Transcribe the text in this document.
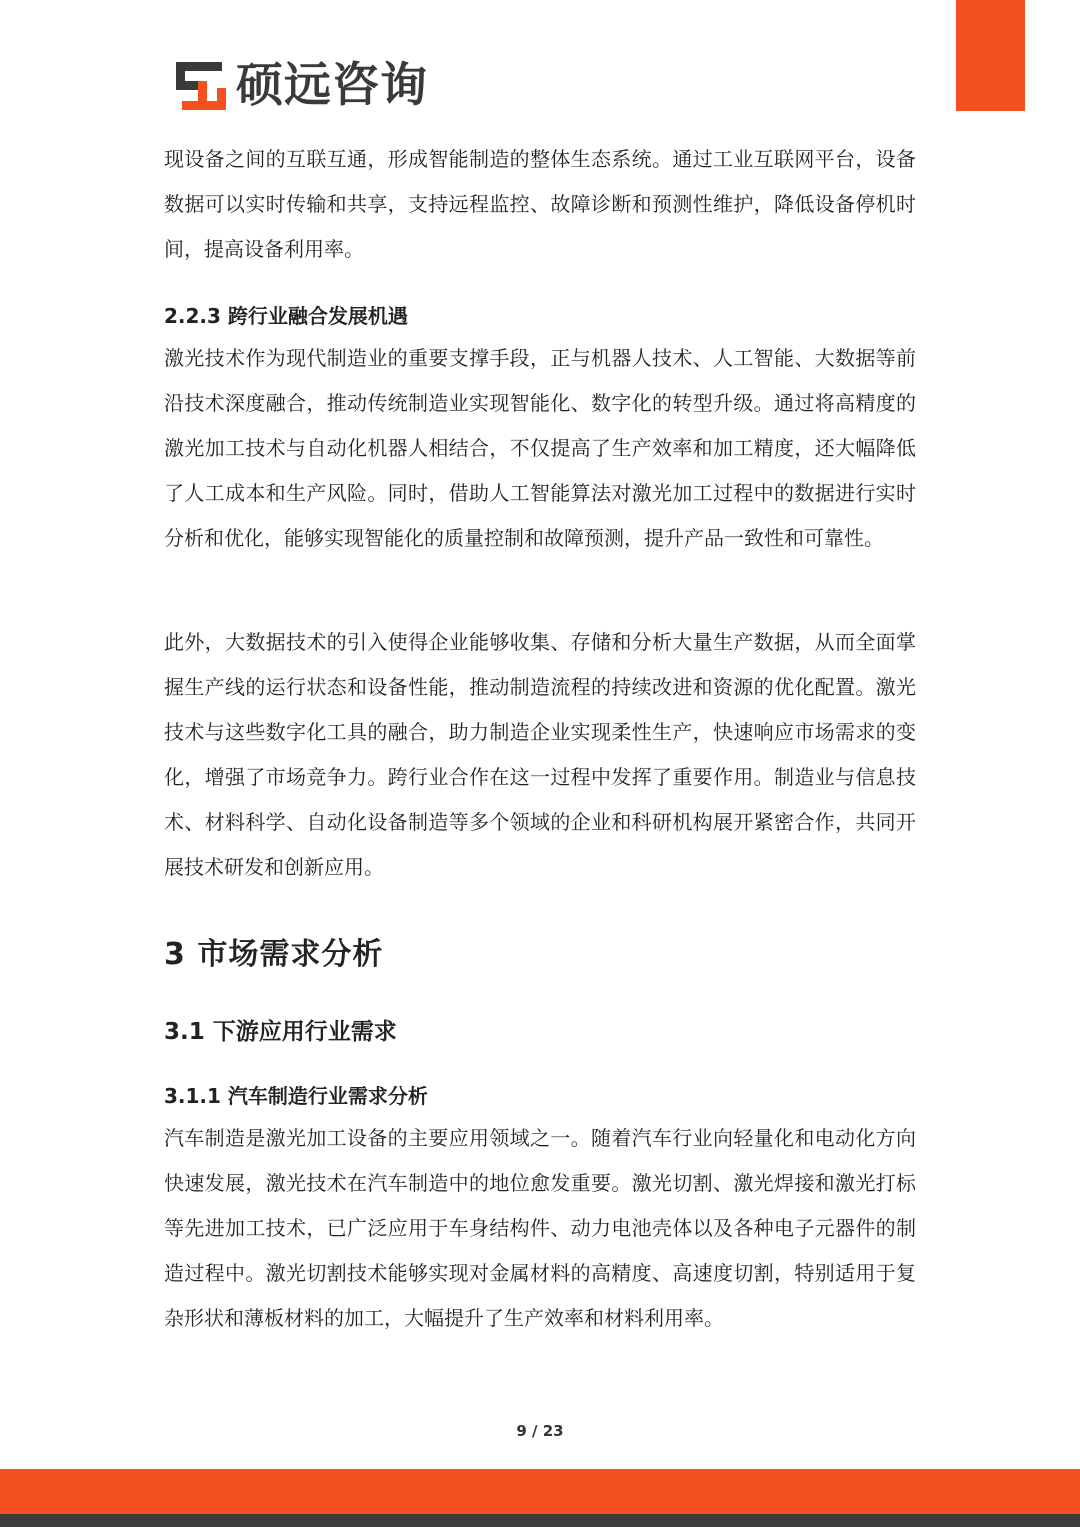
硕远咨询

现设备之间的互联互通，形成智能制造的整体生态系统。通过工业互联网平台，设备数据可以实时传输和共享，支持远程监控、故障诊断和预测性维护，降低设备停机时间，提高设备利用率。

2.2.3 跨行业融合发展机遇

激光技术作为现代制造业的重要支撑手段，正与机器人技术、人工智能、大数据等前沿技术深度融合，推动传统制造业实现智能化、数字化的转型升级。通过将高精度的激光加工技术与自动化机器人相结合，不仅提高了生产效率和加工精度，还大幅降低了人工成本和生产风险。同时，借助人工智能算法对激光加工过程中的数据进行实时分析和优化，能够实现智能化的质量控制和故障预测，提升产品一致性和可靠性。

此外，大数据技术的引入使得企业能够收集、存储和分析大量生产数据，从而全面掌握生产线的运行状态和设备性能，推动制造流程的持续改进和资源的优化配置。激光技术与这些数字化工具的融合，助力制造企业实现柔性生产，快速响应市场需求的变化，增强了市场竞争力。跨行业合作在这一过程中发挥了重要作用。制造业与信息技术、材料科学、自动化设备制造等多个领域的企业和科研机构展开紧密合作，共同开展技术研发和创新应用。

3 市场需求分析

3.1 下游应用行业需求

3.1.1 汽车制造行业需求分析

汽车制造是激光加工设备的主要应用领域之一。随着汽车行业向轻量化和电动化方向快速发展，激光技术在汽车制造中的地位愈发重要。激光切割、激光焊接和激光打标等先进加工技术，已广泛应用于车身结构件、动力电池壳体以及各种电子元器件的制造过程中。激光切割技术能够实现对金属材料的高精度、高速度切割，特别适用于复杂形状和薄板材料的加工，大幅提升了生产效率和材料利用率。

9 / 23
